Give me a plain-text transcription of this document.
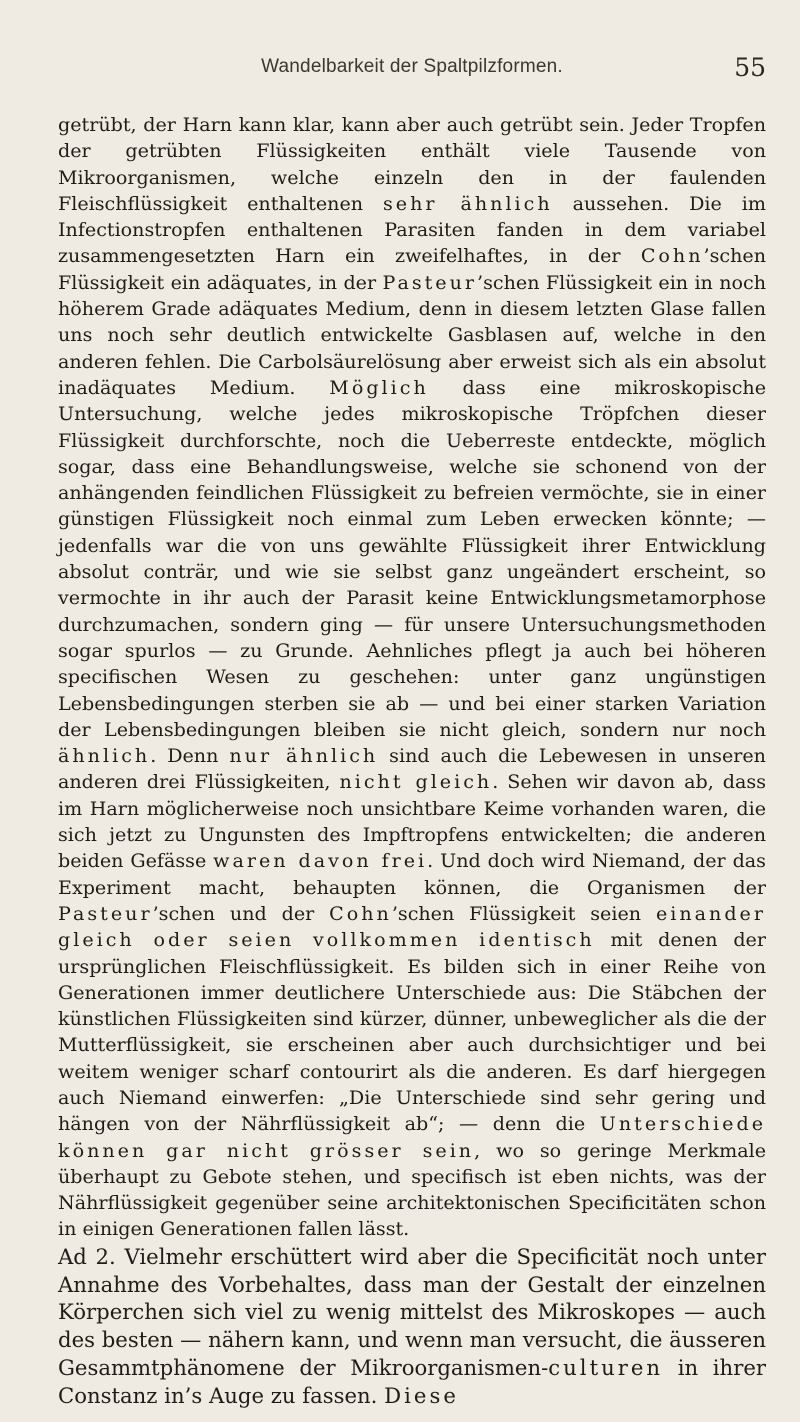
Wandelbarkeit der Spaltpilzformen.	55

getrübt, der Harn kann klar, kann aber auch getrübt sein. Jeder Tropfen der getrübten Flüssigkeiten enthält viele Tausende von Mikroorganismen, welche einzeln den in der faulenden Fleischflüssigkeit enthaltenen sehr ähnlich aussehen. Die im Infectionstropfen enthaltenen Parasiten fanden in dem variabel zusammengesetzten Harn ein zweifelhaftes, in der Cohn’schen Flüssigkeit ein adäquates, in der Pasteur’schen Flüssigkeit ein in noch höherem Grade adäquates Medium, denn in diesem letzten Glase fallen uns noch sehr deutlich entwickelte Gasblasen auf, welche in den anderen fehlen. Die Carbolsäurelösung aber erweist sich als ein absolut inadäquates Medium. Möglich dass eine mikroskopische Untersuchung, welche jedes mikroskopische Tröpfchen dieser Flüssigkeit durchforschte, noch die Ueberreste entdeckte, möglich sogar, dass eine Behandlungsweise, welche sie schonend von der anhängenden feindlichen Flüssigkeit zu befreien vermöchte, sie in einer günstigen Flüssigkeit noch einmal zum Leben erwecken könnte; — jedenfalls war die von uns gewählte Flüssigkeit ihrer Entwicklung absolut conträr, und wie sie selbst ganz ungeändert erscheint, so vermochte in ihr auch der Parasit keine Entwicklungsmetamorphose durchzumachen, sondern ging — für unsere Untersuchungsmethoden sogar spurlos — zu Grunde. Aehnliches pflegt ja auch bei höheren specifischen Wesen zu geschehen: unter ganz ungünstigen Lebensbedingungen sterben sie ab — und bei einer starken Variation der Lebensbedingungen bleiben sie nicht gleich, sondern nur noch ähnlich. Denn nur ähnlich sind auch die Lebewesen in unseren anderen drei Flüssigkeiten, nicht gleich. Sehen wir davon ab, dass im Harn möglicherweise noch unsichtbare Keime vorhanden waren, die sich jetzt zu Ungunsten des Impftropfens entwickelten; die anderen beiden Gefässe waren davon frei. Und doch wird Niemand, der das Experiment macht, behaupten können, die Organismen der Pasteur’schen und der Cohn’schen Flüssigkeit seien einander gleich oder seien vollkommen identisch mit denen der ursprünglichen Fleischflüssigkeit. Es bilden sich in einer Reihe von Generationen immer deutlichere Unterschiede aus: Die Stäbchen der künstlichen Flüssigkeiten sind kürzer, dünner, unbeweglicher als die der Mutterflüssigkeit, sie erscheinen aber auch durchsichtiger und bei weitem weniger scharf contourirt als die anderen. Es darf hiergegen auch Niemand einwerfen: „Die Unterschiede sind sehr gering und hängen von der Nährflüssigkeit ab“; — denn die Unterschiede können gar nicht grösser sein, wo so geringe Merkmale überhaupt zu Gebote stehen, und specifisch ist eben nichts, was der Nährflüssigkeit gegenüber seine architektonischen Specificitäten schon in einigen Generationen fallen lässt.

Ad 2. Vielmehr erschüttert wird aber die Specificität noch unter Annahme des Vorbehaltes, dass man der Gestalt der einzelnen Körperchen sich viel zu wenig mittelst des Mikroskopes — auch des besten — nähern kann, und wenn man versucht, die äusseren Gesammtphänomene der Mikroorganismen-culturen in ihrer Constanz in’s Auge zu fassen. Diese
